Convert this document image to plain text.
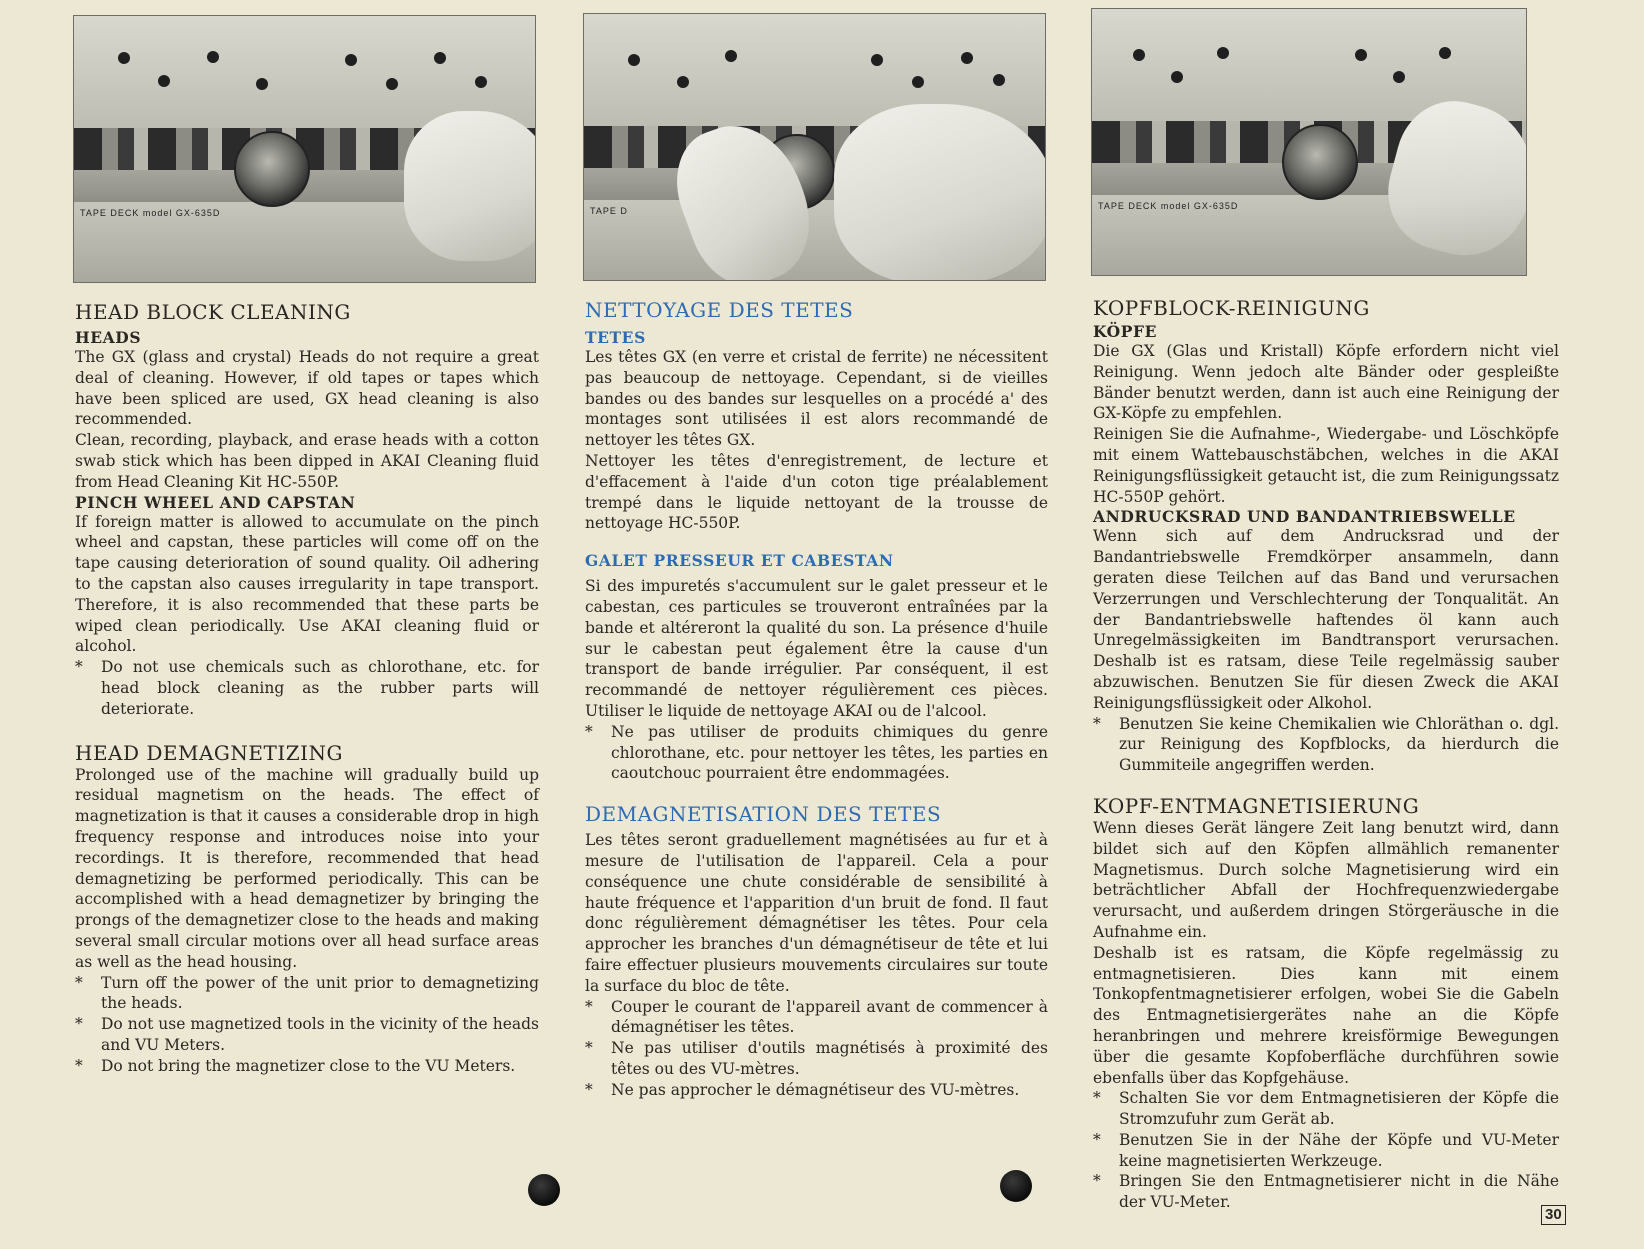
TAPE DECK model GX-635D	TAPE D	TAPE DECK model GX-635D
HEAD BLOCK CLEANING
HEADS

The GX (glass and crystal) Heads do not require a great deal of cleaning. However, if old tapes or tapes which have been spliced are used, GX head cleaning is also recommended.

Clean, recording, playback, and erase heads with a cotton swab stick which has been dipped in AKAI Cleaning fluid from Head Cleaning Kit HC-550P.

PINCH WHEEL AND CAPSTAN

If foreign matter is allowed to accumulate on the pinch wheel and capstan, these particles will come off on the tape causing deterioration of sound quality. Oil adhering to the capstan also causes irregularity in tape transport. Therefore, it is also recommended that these parts be wiped clean periodically. Use AKAI cleaning fluid or alcohol.

*	Do not use chemicals such as chlorothane, etc. for head block cleaning as the rubber parts will deteriorate.
HEAD DEMAGNETIZING

Prolonged use of the machine will gradually build up residual magnetism on the heads. The effect of magnetization is that it causes a considerable drop in high frequency response and introduces noise into your recordings. It is therefore, recommended that head demagnetizing be performed periodically. This can be accomplished with a head demagnetizer by bringing the prongs of the demagnetizer close to the heads and making several small circular motions over all head surface areas as well as the head housing.

*	Turn off the power of the unit prior to demagnetizing the heads.
*	Do not use magnetized tools in the vicinity of the heads and VU Meters.
*	Do not bring the magnetizer close to the VU Meters.
NETTOYAGE DES TETES
TETES

Les têtes GX (en verre et cristal de ferrite) ne nécessitent pas beaucoup de nettoyage. Cependant, si de vieilles bandes ou des bandes sur lesquelles on a procédé a' des montages sont utilisées il est alors recommandé de nettoyer les têtes GX.

Nettoyer les têtes d'enregistrement, de lecture et d'effacement à l'aide d'un coton tige préalablement trempé dans le liquide nettoyant de la trousse de nettoyage HC-550P.

GALET PRESSEUR ET CABESTAN

Si des impuretés s'accumulent sur le galet presseur et le cabestan, ces particules se trouveront entraînées par la bande et altéreront la qualité du son. La présence d'huile sur le cabestan peut également être la cause d'un transport de bande irrégulier. Par conséquent, il est recommandé de nettoyer régulièrement ces pièces. Utiliser le liquide de nettoyage AKAI ou de l'alcool.

*	Ne pas utiliser de produits chimiques du genre chlorothane, etc. pour nettoyer les têtes, les parties en caoutchouc pourraient être endommagées.
DEMAGNETISATION DES TETES

Les têtes seront graduellement magnétisées au fur et à mesure de l'utilisation de l'appareil. Cela a pour conséquence une chute considérable de sensibilité à haute fréquence et l'apparition d'un bruit de fond. Il faut donc régulièrement démagnétiser les têtes. Pour cela approcher les branches d'un démagnétiseur de tête et lui faire effectuer plusieurs mouvements circulaires sur toute la surface du bloc de tête.

*	Couper le courant de l'appareil avant de commencer à démagnétiser les têtes.
*	Ne pas utiliser d'outils magnétisés à proximité des têtes ou des VU-mètres.
*	Ne pas approcher le démagnétiseur des VU-mètres.
KOPFBLOCK-REINIGUNG
KÖPFE

Die GX (Glas und Kristall) Köpfe erfordern nicht viel Reinigung. Wenn jedoch alte Bänder oder gespleißte Bänder benutzt werden, dann ist auch eine Reinigung der GX-Köpfe zu empfehlen.

Reinigen Sie die Aufnahme-, Wiedergabe- und Löschköpfe mit einem Wattebauschstäbchen, welches in die AKAI Reinigungsflüssigkeit getaucht ist, die zum Reinigungssatz HC-550P gehört.

ANDRUCKSRAD UND BANDANTRIEBSWELLE

Wenn sich auf dem Andrucksrad und der Bandantriebswelle Fremdkörper ansammeln, dann geraten diese Teilchen auf das Band und verursachen Verzerrungen und Verschlechterung der Tonqualität. An der Bandantriebswelle haftendes öl kann auch Unregelmässigkeiten im Bandtransport verursachen. Deshalb ist es ratsam, diese Teile regelmässig sauber abzuwischen. Benutzen Sie für diesen Zweck die AKAI Reinigungsflüssigkeit oder Alkohol.

*	Benutzen Sie keine Chemikalien wie Chloräthan o. dgl. zur Reinigung des Kopfblocks, da hierdurch die Gummiteile angegriffen werden.
KOPF-ENTMAGNETISIERUNG

Wenn dieses Gerät längere Zeit lang benutzt wird, dann bildet sich auf den Köpfen allmählich remanenter Magnetismus. Durch solche Magnetisierung wird ein beträchtlicher Abfall der Hochfrequenzwiedergabe verursacht, und außerdem dringen Störgeräusche in die Aufnahme ein.

Deshalb ist es ratsam, die Köpfe regelmässig zu entmagnetisieren. Dies kann mit einem Tonkopfentmagnetisierer erfolgen, wobei Sie die Gabeln des Entmagnetisiergerätes nahe an die Köpfe heranbringen und mehrere kreisförmige Bewegungen über die gesamte Kopfoberfläche durchführen sowie ebenfalls über das Kopfgehäuse.

*	Schalten Sie vor dem Entmagnetisieren der Köpfe die Stromzufuhr zum Gerät ab.
*	Benutzen Sie in der Nähe der Köpfe und VU-Meter keine magnetisierten Werkzeuge.
*	Bringen Sie den Entmagnetisierer nicht in die Nähe der VU-Meter.
30
